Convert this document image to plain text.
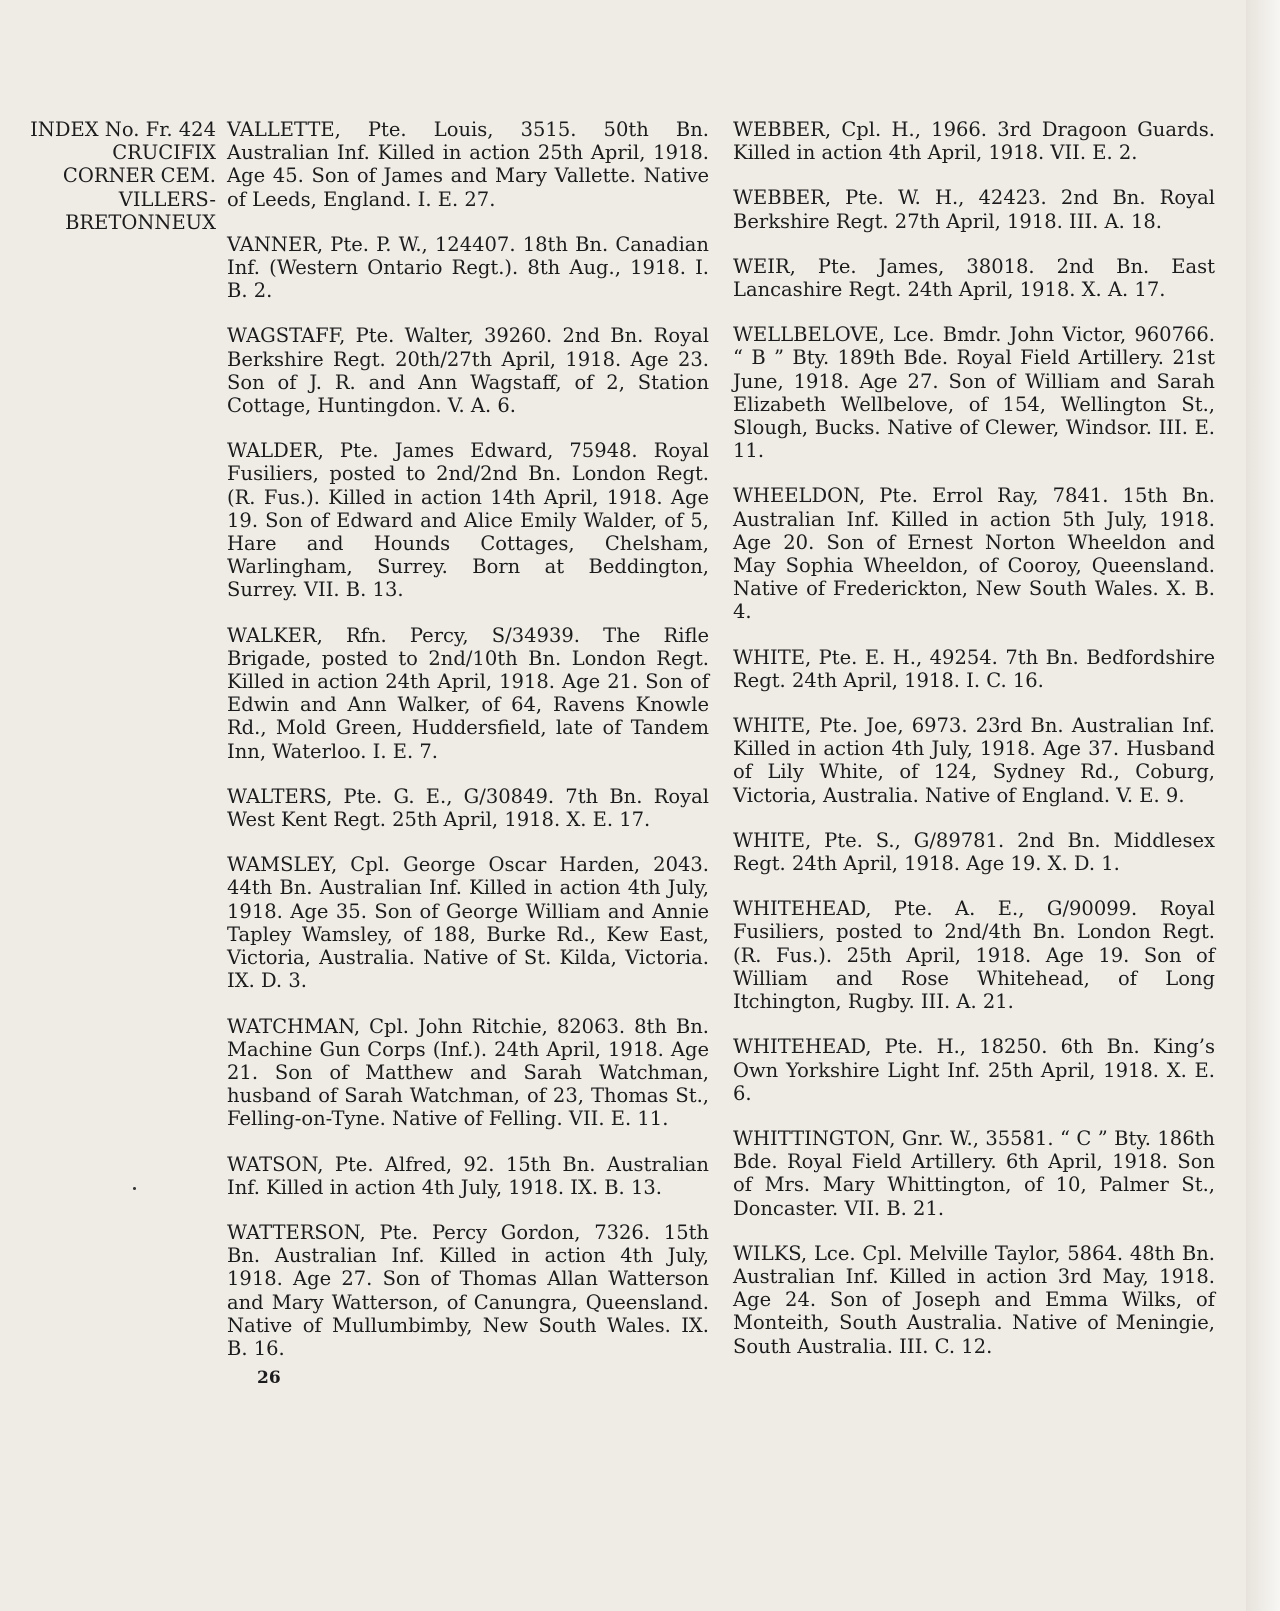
INDEX No. Fr. 424
CRUCIFIX
CORNER CEM.
VILLERS-
BRETONNEUX

VALLETTE, Pte. Louis, 3515. 50th Bn. Australian Inf. Killed in action 25th April, 1918. Age 45. Son of James and Mary Vallette. Native of Leeds, England. I. E. 27.

VANNER, Pte. P. W., 124407. 18th Bn. Canadian Inf. (Western Ontario Regt.). 8th Aug., 1918. I. B. 2.

WAGSTAFF, Pte. Walter, 39260. 2nd Bn. Royal Berkshire Regt. 20th/27th April, 1918. Age 23. Son of J. R. and Ann Wagstaff, of 2, Station Cottage, Huntingdon. V. A. 6.

WALDER, Pte. James Edward, 75948. Royal Fusiliers, posted to 2nd/2nd Bn. London Regt. (R. Fus.). Killed in action 14th April, 1918. Age 19. Son of Edward and Alice Emily Walder, of 5, Hare and Hounds Cottages, Chelsham, Warlingham, Surrey. Born at Beddington, Surrey. VII. B. 13.

WALKER, Rfn. Percy, S/34939. The Rifle Brigade, posted to 2nd/10th Bn. London Regt. Killed in action 24th April, 1918. Age 21. Son of Edwin and Ann Walker, of 64, Ravens Knowle Rd., Mold Green, Huddersfield, late of Tandem Inn, Waterloo. I. E. 7.

WALTERS, Pte. G. E., G/30849. 7th Bn. Royal West Kent Regt. 25th April, 1918. X. E. 17.

WAMSLEY, Cpl. George Oscar Harden, 2043. 44th Bn. Australian Inf. Killed in action 4th July, 1918. Age 35. Son of George William and Annie Tapley Wamsley, of 188, Burke Rd., Kew East, Victoria, Australia. Native of St. Kilda, Victoria. IX. D. 3.

WATCHMAN, Cpl. John Ritchie, 82063. 8th Bn. Machine Gun Corps (Inf.). 24th April, 1918. Age 21. Son of Matthew and Sarah Watchman, husband of Sarah Watchman, of 23, Thomas St., Felling-on-Tyne. Native of Felling. VII. E. 11.

WATSON, Pte. Alfred, 92. 15th Bn. Australian Inf. Killed in action 4th July, 1918. IX. B. 13.

WATTERSON, Pte. Percy Gordon, 7326. 15th Bn. Australian Inf. Killed in action 4th July, 1918. Age 27. Son of Thomas Allan Watterson and Mary Watterson, of Canungra, Queensland. Native of Mullumbimby, New South Wales. IX. B. 16.

WEBBER, Cpl. H., 1966. 3rd Dragoon Guards. Killed in action 4th April, 1918. VII. E. 2.

WEBBER, Pte. W. H., 42423. 2nd Bn. Royal Berkshire Regt. 27th April, 1918. III. A. 18.

WEIR, Pte. James, 38018. 2nd Bn. East Lancashire Regt. 24th April, 1918. X. A. 17.

WELLBELOVE, Lce. Bmdr. John Victor, 960766. “ B ” Bty. 189th Bde. Royal Field Artillery. 21st June, 1918. Age 27. Son of William and Sarah Elizabeth Wellbelove, of 154, Wellington St., Slough, Bucks. Native of Clewer, Windsor. III. E. 11.

WHEELDON, Pte. Errol Ray, 7841. 15th Bn. Australian Inf. Killed in action 5th July, 1918. Age 20. Son of Ernest Norton Wheeldon and May Sophia Wheeldon, of Cooroy, Queensland. Native of Frederickton, New South Wales. X. B. 4.

WHITE, Pte. E. H., 49254. 7th Bn. Bedfordshire Regt. 24th April, 1918. I. C. 16.

WHITE, Pte. Joe, 6973. 23rd Bn. Australian Inf. Killed in action 4th July, 1918. Age 37. Husband of Lily White, of 124, Sydney Rd., Coburg, Victoria, Australia. Native of England. V. E. 9.

WHITE, Pte. S., G/89781. 2nd Bn. Middlesex Regt. 24th April, 1918. Age 19. X. D. 1.

WHITEHEAD, Pte. A. E., G/90099. Royal Fusiliers, posted to 2nd/4th Bn. London Regt. (R. Fus.). 25th April, 1918. Age 19. Son of William and Rose Whitehead, of Long Itchington, Rugby. III. A. 21.

WHITEHEAD, Pte. H., 18250. 6th Bn. King’s Own Yorkshire Light Inf. 25th April, 1918. X. E. 6.

WHITTINGTON, Gnr. W., 35581. “ C ” Bty. 186th Bde. Royal Field Artillery. 6th April, 1918. Son of Mrs. Mary Whittington, of 10, Palmer St., Doncaster. VII. B. 21.

WILKS, Lce. Cpl. Melville Taylor, 5864. 48th Bn. Australian Inf. Killed in action 3rd May, 1918. Age 24. Son of Joseph and Emma Wilks, of Monteith, South Australia. Native of Meningie, South Australia. III. C. 12.

26
